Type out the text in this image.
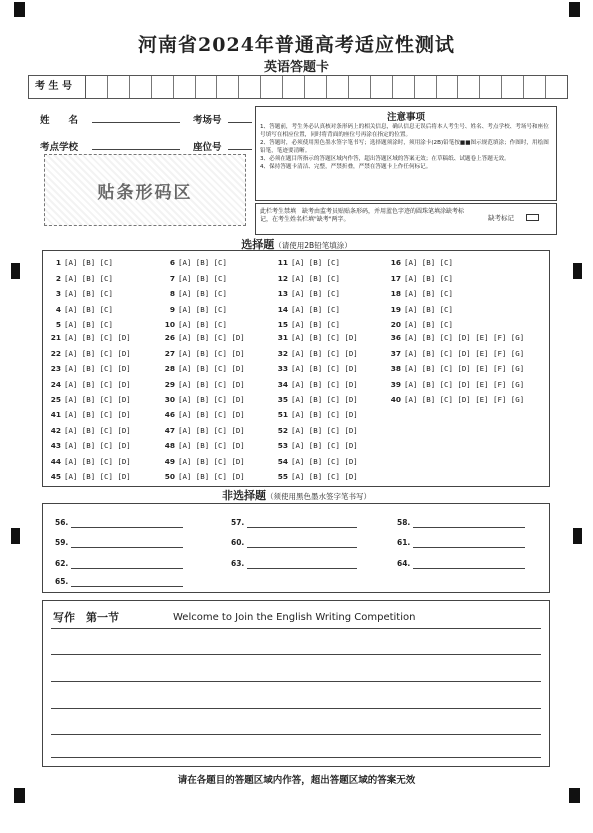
河南省2024年普通高考适应性测试
英语答题卡
考 生 号
姓　　名	考场号
考点学校	座位号
贴条形码区
注意事项
1、答题前，考生务必认真核对条形码上的相关信息，确认信息无误后将本人考生号、姓名、考点学校、考场号和座位号填写在相应位置，同时将背面的座位号再涂在指定的位置。
2、答题时，必须使用黑色墨水签字笔书写；选择题须涂时，须用涂卡(2B)铅笔按■■图示规范填涂；作图时，用绘图铅笔，笔迹要清晰。
3、必须在题目所指示的答题区域内作答，超出答题区域的答案无效；在草稿纸、试题卷上答题无效。
4、保持答题卡清洁、完整，严禁折叠，严禁在答题卡上作任何标记。
此栏考生禁填　缺考由监考员贴贴条形码，并用蓝色字迹的圆珠笔填涂缺考标记，在考生姓名栏填"缺考"两字。	缺考标记
选择题（请使用2B铅笔填涂）
1 [A] [B] [C]
2 [A] [B] [C]
3 [A] [B] [C]
4 [A] [B] [C]
5 [A] [B] [C]
6 [A] [B] [C]
7 [A] [B] [C]
8 [A] [B] [C]
9 [A] [B] [C]
10 [A] [B] [C]
11 [A] [B] [C]
12 [A] [B] [C]
13 [A] [B] [C]
14 [A] [B] [C]
15 [A] [B] [C]
16 [A] [B] [C]
17 [A] [B] [C]
18 [A] [B] [C]
19 [A] [B] [C]
20 [A] [B] [C]
21 [A] [B] [C] [D]
22 [A] [B] [C] [D]
23 [A] [B] [C] [D]
24 [A] [B] [C] [D]
25 [A] [B] [C] [D]
26 [A] [B] [C] [D]
27 [A] [B] [C] [D]
28 [A] [B] [C] [D]
29 [A] [B] [C] [D]
30 [A] [B] [C] [D]
31 [A] [B] [C] [D]
32 [A] [B] [C] [D]
33 [A] [B] [C] [D]
34 [A] [B] [C] [D]
35 [A] [B] [C] [D]
36 [A] [B] [C] [D] [E] [F] [G]
37 [A] [B] [C] [D] [E] [F] [G]
38 [A] [B] [C] [D] [E] [F] [G]
39 [A] [B] [C] [D] [E] [F] [G]
40 [A] [B] [C] [D] [E] [F] [G]
41 [A] [B] [C] [D]
42 [A] [B] [C] [D]
43 [A] [B] [C] [D]
44 [A] [B] [C] [D]
45 [A] [B] [C] [D]
46 [A] [B] [C] [D]
47 [A] [B] [C] [D]
48 [A] [B] [C] [D]
49 [A] [B] [C] [D]
50 [A] [B] [C] [D]
51 [A] [B] [C] [D]
52 [A] [B] [C] [D]
53 [A] [B] [C] [D]
54 [A] [B] [C] [D]
55 [A] [B] [C] [D]
非选择题（须使用黑色墨水签字笔书写）
56.	57.	58.
59.	60.	61.
62.	63.	64.
65.
写作　第一节	Welcome to Join the English Writing Competition
请在各题目的答题区域内作答，超出答题区域的答案无效
